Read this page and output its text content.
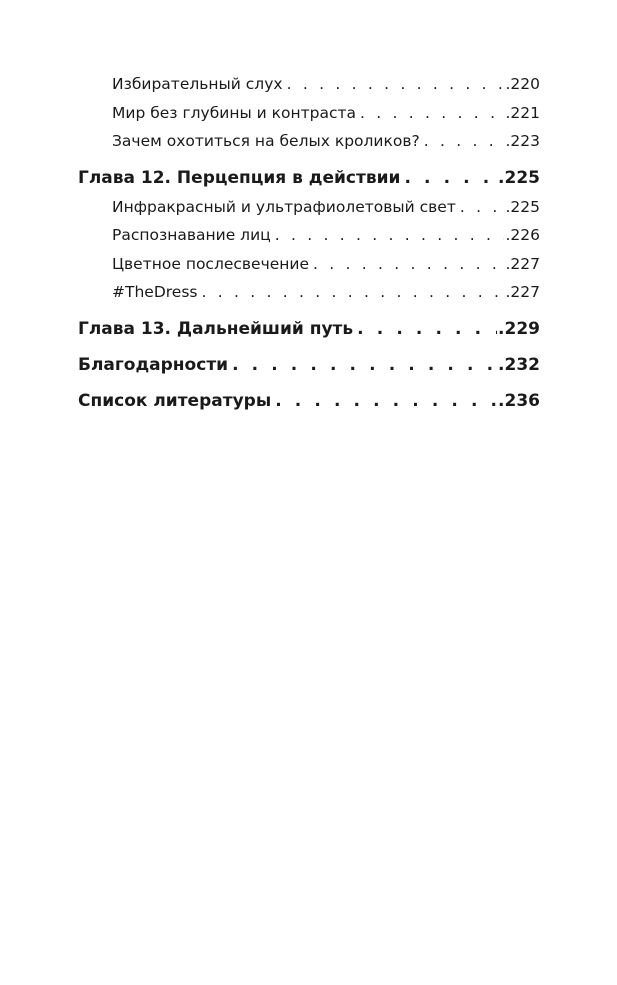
Избирательный слух . . .	.220
Мир без глубины и контраста . . .	.221
Зачем охотиться на белых кроликов? . . .	.223
Глава 12. Перцепция в действии . . .	.225
Инфракрасный и ультрафиолетовый свет . . .	.225
Распознавание лиц . . .	.226
Цветное послесвечение . . .	.227
#TheDress . . .	.227
Глава 13. Дальнейший путь . . .	.229
Благодарности . . .	.232
Список литературы . . .	.236
